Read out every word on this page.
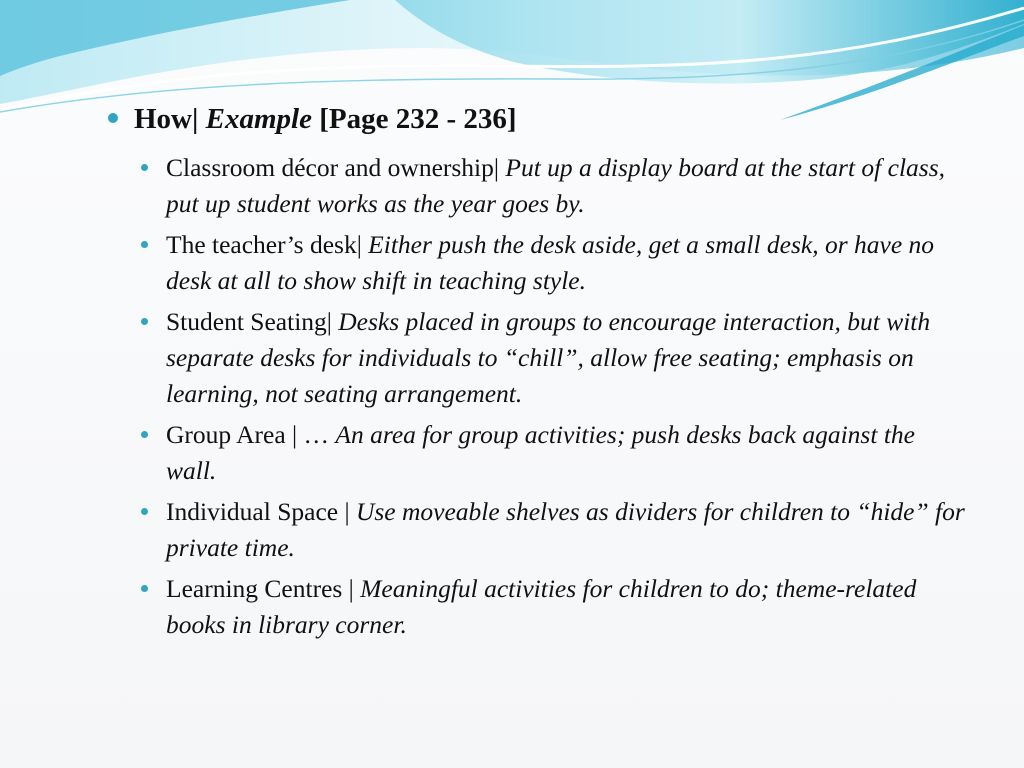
How| Example [Page 232 - 236]
Classroom décor and ownership| Put up a display board at the start of class, put up student works as the year goes by.
The teacher’s desk| Either push the desk aside, get a small desk, or have no desk at all to show shift in teaching style.
Student Seating| Desks placed in groups to encourage interaction, but with separate desks for individuals to “chill”, allow free seating; emphasis on learning, not seating arrangement.
Group Area | … An area for group activities; push desks back against the wall.
Individual Space | Use moveable shelves as dividers for children to “hide” for private time.
Learning Centres | Meaningful activities for children to do; theme-related books in library corner.
